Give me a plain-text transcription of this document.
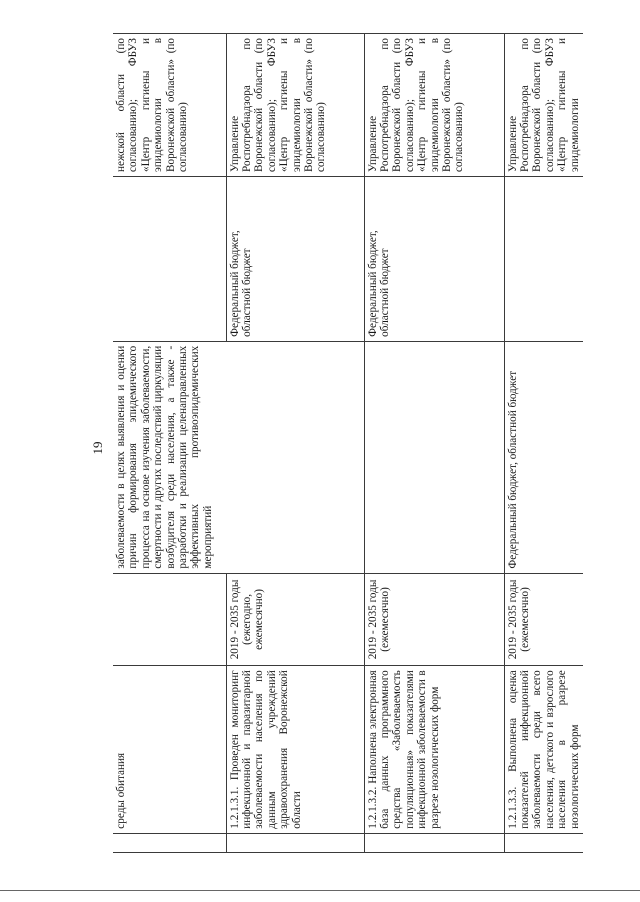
19
	среды обитания		заболеваемости в целях выявления и оценки причин формирования эпидемического процесса на основе изучения заболеваемости, смертности и других последствий циркуляции возбудителя среди населения, а также - разработки и реализации целенаправленных эффективных противоэпидемических мероприятий		нежской области (по согласованию); ФБУЗ «Центр гигиены и эпидемиологии в Воронежской области» (по согласованию)
	1.2.1.3.1. Проведен мониторинг инфекционной и паразитарной заболеваемости населения по данным учреждений здравоохранения Воронежской области	2019 - 2035 годы (ежегодно, ежемесячно)		Федеральный бюджет, областной бюджет	Управление Роспотребнадзора по Воронежской области (по согласованию); ФБУЗ «Центр гигиены и эпидемиологии в Воронежской области» (по согласованию)
	1.2.1.3.2. Наполнена электронная база данных программного средства «Заболеваемость популяционная» показателями инфекционной заболеваемости в разрезе нозологических форм	2019 - 2035 годы (ежемесячно)		Федеральный бюджет, областной бюджет	Управление Роспотребнадзора по Воронежской области (по согласованию); ФБУЗ «Центр гигиены и эпидемиологии в Воронежской области» (по согласованию)
	1.2.1.3.3. Выполнена оценка показателей инфекционной заболеваемости среди всего населения, детского и взрослого населения в разрезе нозологических форм	2019 - 2035 годы (ежемесячно)	Федеральный бюджет, областной бюджет		Управление Роспотребнадзора по Воронежской области (по согласованию); ФБУЗ «Центр гигиены и эпидемиологии
